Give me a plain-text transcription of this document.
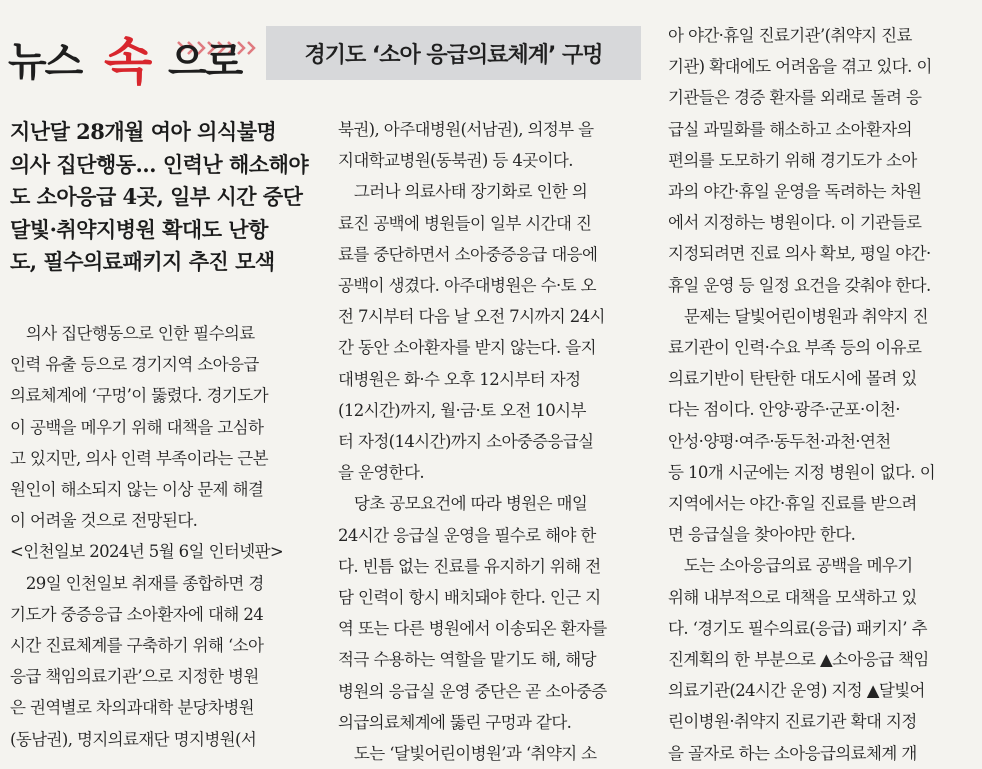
뉴스 속 으로	경기도 ‘소아 응급의료체계’ 구멍
지난달 28개월 여아 의식불명
의사 집단행동… 인력난 해소해야
도 소아응급 4곳, 일부 시간 중단
달빛·취약지병원 확대도 난항
도, 필수의료패키지 추진 모색
　의사 집단행동으로 인한 필수의료
인력 유출 등으로 경기지역 소아응급
의료체계에 ‘구멍’이 뚫렸다. 경기도가
이 공백을 메우기 위해 대책을 고심하
고 있지만, 의사 인력 부족이라는 근본
원인이 해소되지 않는 이상 문제 해결
이 어려울 것으로 전망된다.
<인천일보 2024년 5월 6일 인터넷판>
　29일 인천일보 취재를 종합하면 경
기도가 중증응급 소아환자에 대해 24
시간 진료체계를 구축하기 위해 ‘소아
응급 책임의료기관’으로 지정한 병원
은 권역별로 차의과대학 분당차병원
(동남권), 명지의료재단 명지병원(서
북권), 아주대병원(서남권), 의정부 을
지대학교병원(동북권) 등 4곳이다.
　그러나 의료사태 장기화로 인한 의
료진 공백에 병원들이 일부 시간대 진
료를 중단하면서 소아중증응급 대응에
공백이 생겼다. 아주대병원은 수·토 오
전 7시부터 다음 날 오전 7시까지 24시
간 동안 소아환자를 받지 않는다. 을지
대병원은 화·수 오후 12시부터 자정
(12시간)까지, 월·금·토 오전 10시부
터 자정(14시간)까지 소아중증응급실
을 운영한다.
　당초 공모요건에 따라 병원은 매일
24시간 응급실 운영을 필수로 해야 한
다. 빈틈 없는 진료를 유지하기 위해 전
담 인력이 항시 배치돼야 한다. 인근 지
역 또는 다른 병원에서 이송되온 환자를
적극 수용하는 역할을 맡기도 해, 해당
병원의 응급실 운영 중단은 곧 소아중증
의급의료체계에 뚫린 구멍과 같다.
　도는 ‘달빛어린이병원’과 ‘취약지 소
아 야간·휴일 진료기관’(취약지 진료
기관) 확대에도 어려움을 겪고 있다. 이
기관들은 경증 환자를 외래로 돌려 응
급실 과밀화를 해소하고 소아환자의
편의를 도모하기 위해 경기도가 소아
과의 야간·휴일 운영을 독려하는 차원
에서 지정하는 병원이다. 이 기관들로
지정되려면 진료 의사 확보, 평일 야간·
휴일 운영 등 일정 요건을 갖춰야 한다.
　문제는 달빛어린이병원과 취약지 진
료기관이 인력·수요 부족 등의 이유로
의료기반이 탄탄한 대도시에 몰려 있
다는 점이다. 안양·광주·군포·이천·
안성·양평·여주·동두천·과천·연천
등 10개 시군에는 지정 병원이 없다. 이
지역에서는 야간·휴일 진료를 받으려
면 응급실을 찾아야만 한다.
　도는 소아응급의료 공백을 메우기
위해 내부적으로 대책을 모색하고 있
다. ‘경기도 필수의료(응급) 패키지’ 추
진계획의 한 부분으로 ▲소아응급 책임
의료기관(24시간 운영) 지정 ▲달빛어
린이병원·취약지 진료기관 확대 지정
을 골자로 하는 소아응급의료체계 개
